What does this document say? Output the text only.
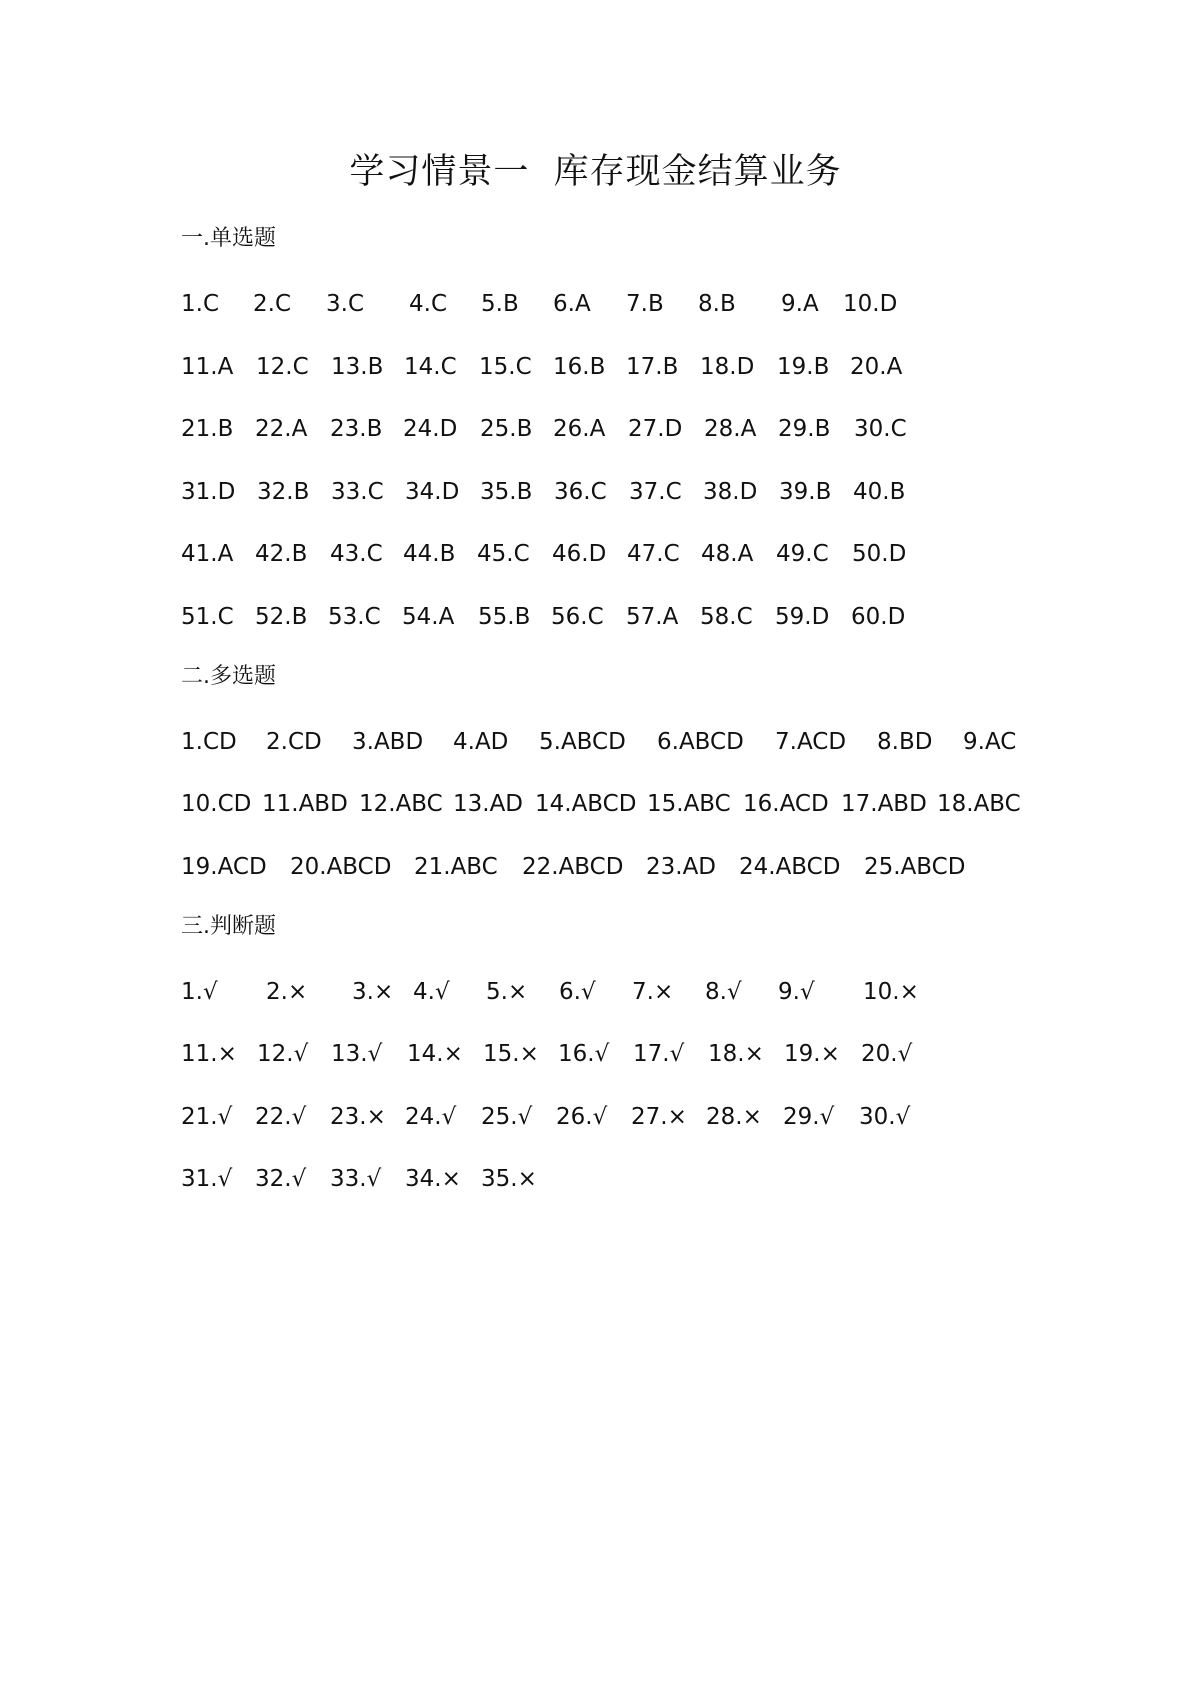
学习情景一  库存现金结算业务
一.单选题
1.C 2.C 3.C 4.C 5.B 6.A 7.B 8.B 9.A 10.D
11.A 12.C 13.B 14.C 15.C 16.B 17.B 18.D 19.B 20.A
21.B 22.A 23.B 24.D 25.B 26.A 27.D 28.A 29.B 30.C
31.D 32.B 33.C 34.D 35.B 36.C 37.C 38.D 39.B 40.B
41.A 42.B 43.C 44.B 45.C 46.D 47.C 48.A 49.C 50.D
51.C 52.B 53.C 54.A 55.B 56.C 57.A 58.C 59.D 60.D
二.多选题
1.CD 2.CD 3.ABD 4.AD 5.ABCD 6.ABCD 7.ACD 8.BD 9.AC
10.CD 11.ABD 12.ABC 13.AD 14.ABCD 15.ABC 16.ACD 17.ABD 18.ABC
19.ACD 20.ABCD 21.ABC 22.ABCD 23.AD 24.ABCD 25.ABCD
三.判断题
1.√ 2.× 3.× 4.√ 5.× 6.√ 7.× 8.√ 9.√ 10.×
11.× 12.√ 13.√ 14.× 15.× 16.√ 17.√ 18.× 19.× 20.√
21.√ 22.√ 23.× 24.√ 25.√ 26.√ 27.× 28.× 29.√ 30.√
31.√ 32.√ 33.√ 34.× 35.×
